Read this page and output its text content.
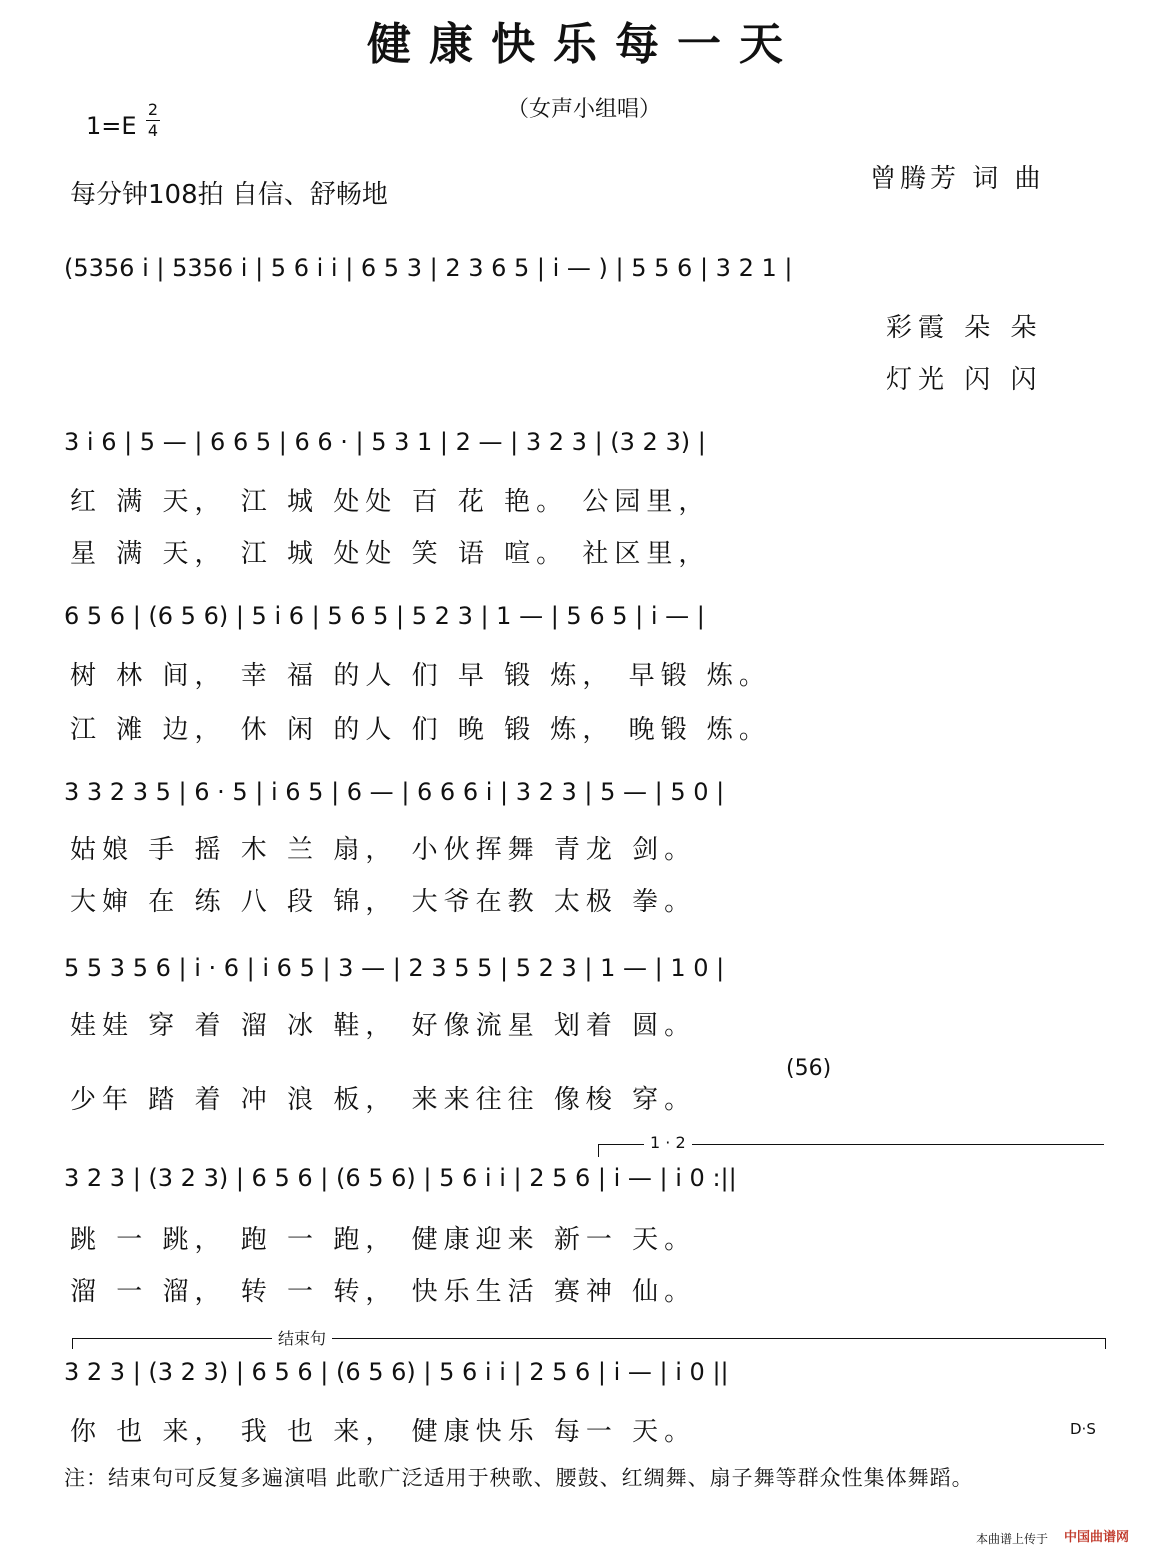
健康快乐每一天
（女声小组唱）
1=E
2
4
每分钟108拍 自信、舒畅地
曾腾芳 词 曲
(5356 i | 5356 i | 5 6 i i | 6 5 3 | 2 3 6 5 | i — ) | 5 5 6 | 3 2 1 |
彩霞 朵 朵
灯光 闪 闪
3 i 6 | 5 — | 6 6 5 | 6 6 · | 5 3 1 | 2 — | 3 2 3 | (3 2 3) |
红 满 天， 江 城 处处 百 花 艳。 公园里，
星 满 天， 江 城 处处 笑 语 喧。 社区里，
6 5 6 | (6 5 6) | 5 i 6 | 5 6 5 | 5 2 3 | 1 — | 5 6 5 | i — |
树 林 间， 幸 福 的人 们 早 锻 炼， 早锻 炼。
江 滩 边， 休 闲 的人 们 晚 锻 炼， 晚锻 炼。
3 3 2 3 5 | 6 · 5 | i 6 5 | 6 — | 6 6 6 i | 3 2 3 | 5 — | 5 0 |
姑娘 手 摇 木 兰 扇， 小伙挥舞 青龙 剑。
大婶 在 练 八 段 锦， 大爷在教 太极 拳。
5 5 3 5 6 | i · 6 | i 6 5 | 3 — | 2 3 5 5 | 5 2 3 | 1 — | 1 0 |
娃娃 穿 着 溜 冰 鞋， 好像流星 划着 圆。
(56)
少年 踏 着 冲 浪 板， 来来往往 像梭 穿。
1 · 2
3 2 3 | (3 2 3) | 6 5 6 | (6 5 6) | 5 6 i i | 2 5 6 | i — | i 0 :||
跳 一 跳， 跑 一 跑， 健康迎来 新一 天。
溜 一 溜， 转 一 转， 快乐生活 赛神 仙。
结束句
3 2 3 | (3 2 3) | 6 5 6 | (6 5 6) | 5 6 i i | 2 5 6 | i — | i 0 ||
你 也 来， 我 也 来， 健康快乐 每一 天。	D·S
注：结束句可反复多遍演唱 此歌广泛适用于秧歌、腰鼓、红绸舞、扇子舞等群众性集体舞蹈。
本曲谱上传于 中国曲谱网
